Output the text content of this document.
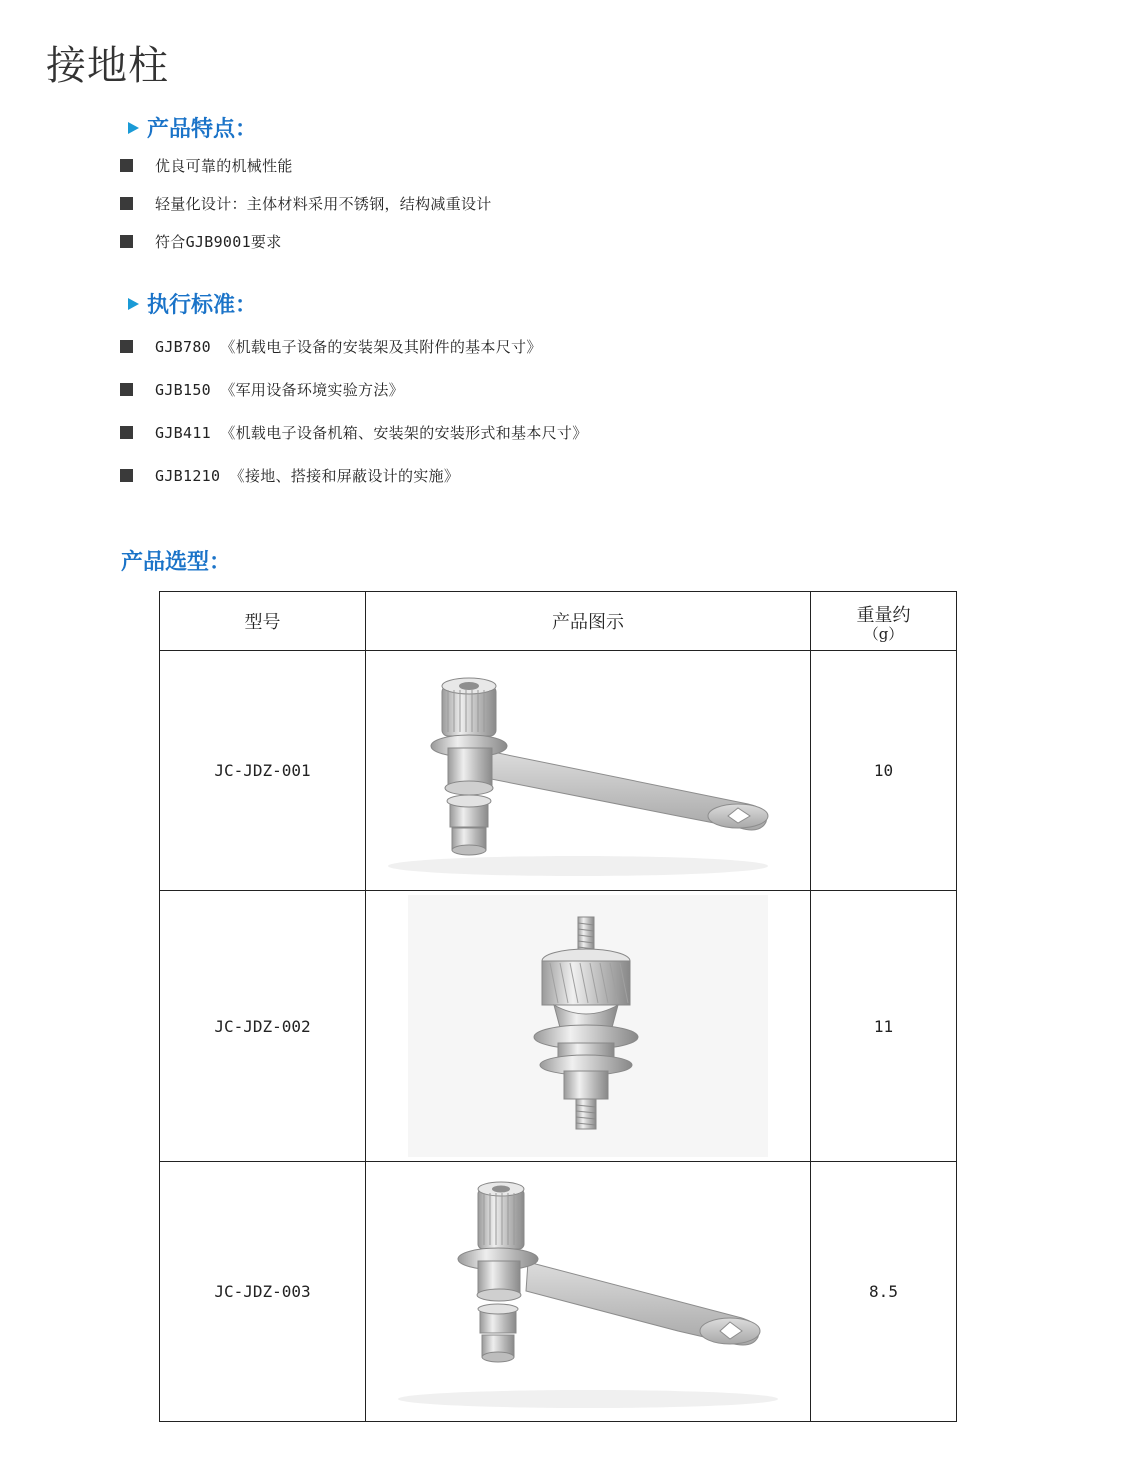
接地柱
产品特点：
优良可靠的机械性能
轻量化设计：主体材料采用不锈钢，结构减重设计
符合GJB9001要求
执行标准：
GJB780 《机载电子设备的安装架及其附件的基本尺寸》
GJB150 《军用设备环境实验方法》
GJB411 《机载电子设备机箱、安装架的安装形式和基本尺寸》
GJB1210 《接地、搭接和屏蔽设计的实施》
产品选型：
型号	产品图示	重量约
（g）

JC-JDZ-001		10
JC-JDZ-002		11
JC-JDZ-003		8.5
